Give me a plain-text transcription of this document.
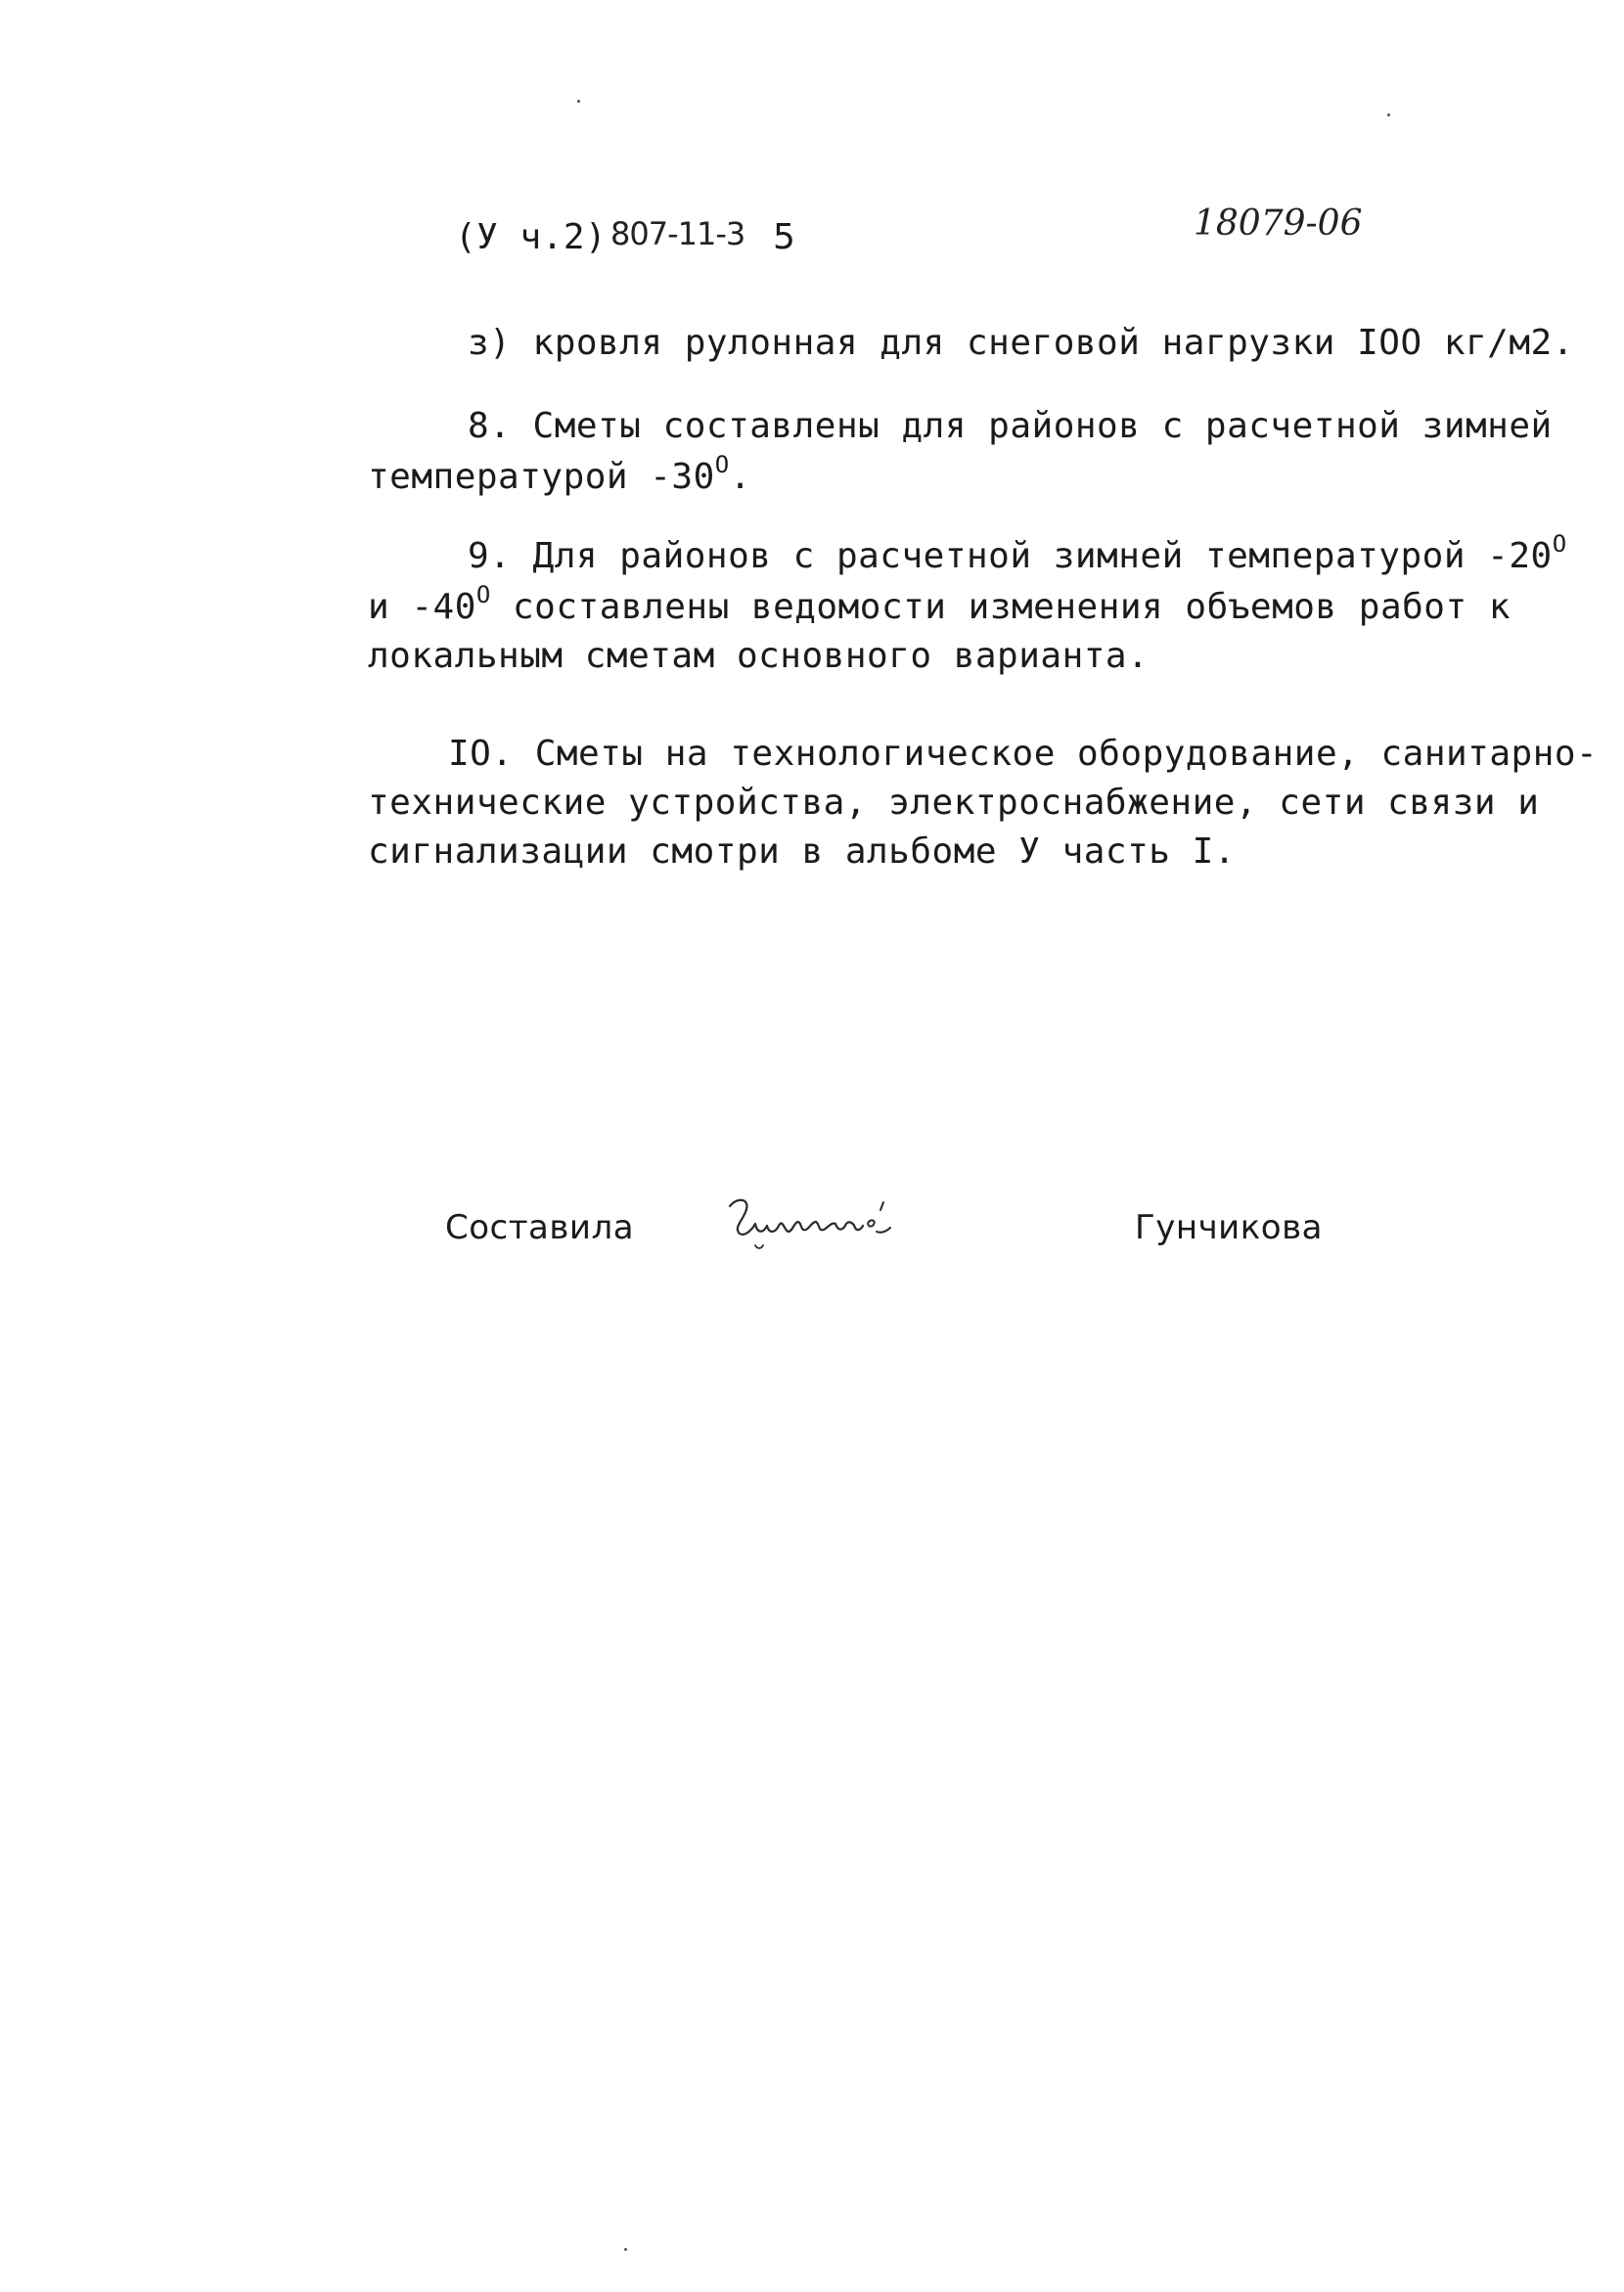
(У ч.2) 807-11-3 5	18079-06
з) кровля рулонная для снеговой нагрузки IOO кг/м2.
8. Сметы составлены для районов с расчетной зимней
температурой $-30^О$.
9. Для районов с расчетной зимней температурой $-20^О$
и $-40^О$ составлены ведомости изменения объемов работ к
локальным сметам основного варианта.
IO. Сметы на технологическое оборудование, санитарно-
технические устройства, электроснабжение, сети связи и
сигнализации смотри в альбоме У часть I.
Составила	Гунчикова
